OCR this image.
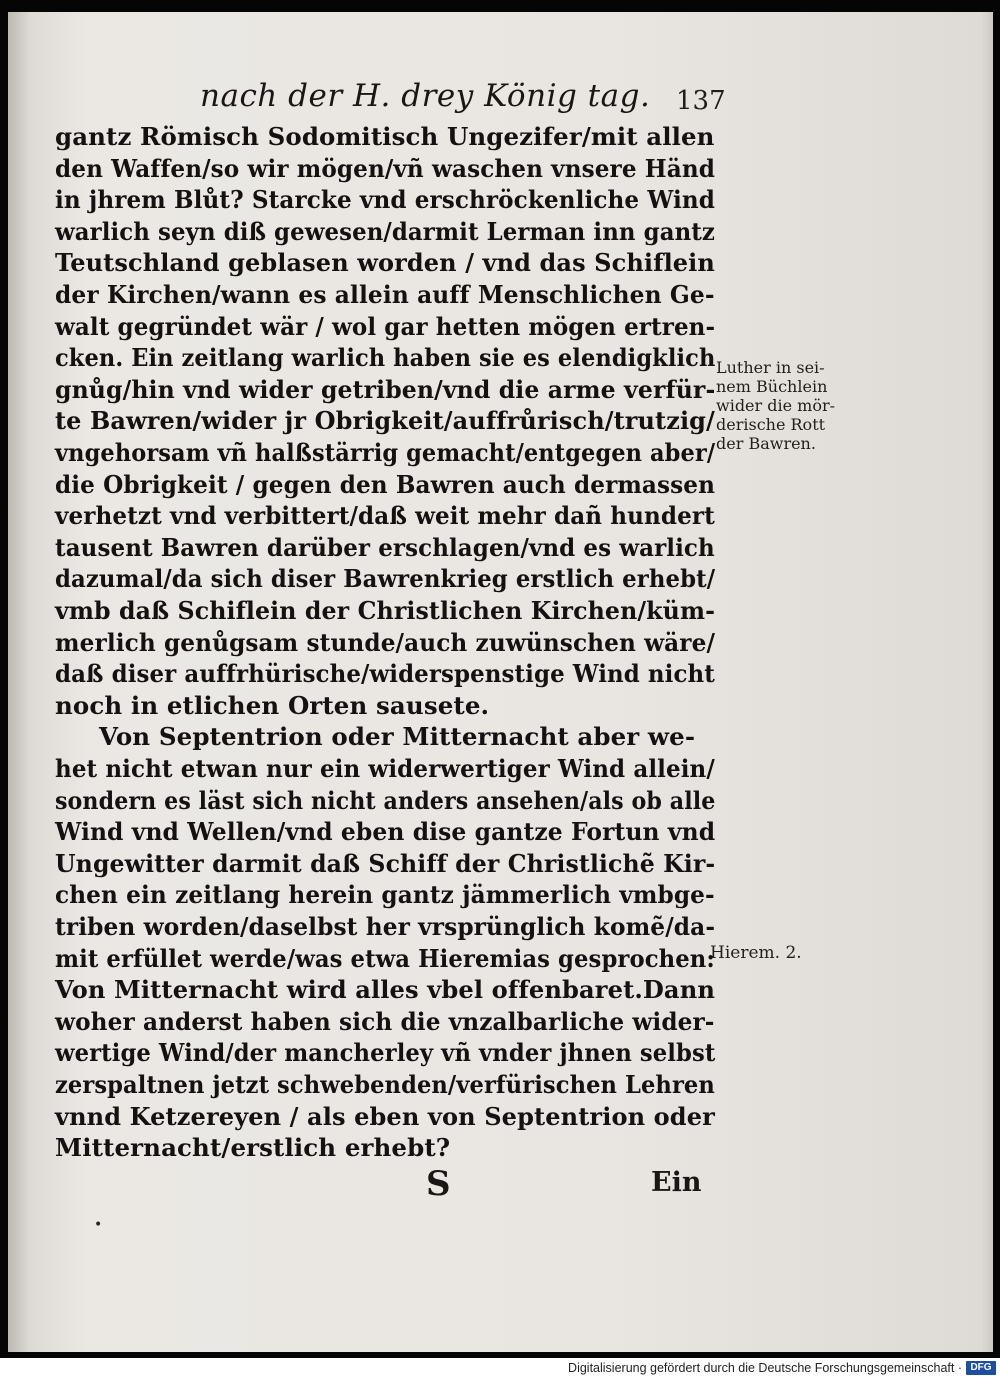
nach der H. drey König tag. 137
gantz Römisch Sodomitisch Ungezifer/mit allen
den Waffen/so wir mögen/vñ waschen vnsere Händ
in jhrem Blůt? Starcke vnd erschröckenliche Wind
warlich seyn diß gewesen/darmit Lerman inn gantz
Teutschland geblasen worden / vnd das Schiflein
der Kirchen/wann es allein auff Menschlichen Ge-
walt gegründet wär / wol gar hetten mögen ertren-
cken. Ein zeitlang warlich haben sie es elendigklich
gnůg/hin vnd wider getriben/vnd die arme verfür-
te Bawren/wider jr Obrigkeit/auffrůrisch/trutzig/
vngehorsam vñ halßstärrig gemacht/entgegen aber/
die Obrigkeit / gegen den Bawren auch dermassen
verhetzt vnd verbittert/daß weit mehr dañ hundert
tausent Bawren darüber erschlagen/vnd es warlich
dazumal/da sich diser Bawrenkrieg erstlich erhebt/
vmb daß Schiflein der Christlichen Kirchen/küm-
merlich genůgsam stunde/auch zuwünschen wäre/
daß diser auffrhürische/widerspenstige Wind nicht
noch in etlichen Orten sausete.
Von Septentrion oder Mitternacht aber we-
het nicht etwan nur ein widerwertiger Wind allein/
sondern es läst sich nicht anders ansehen/als ob alle
Wind vnd Wellen/vnd eben dise gantze Fortun vnd
Ungewitter darmit daß Schiff der Christlichẽ Kir-
chen ein zeitlang herein gantz jämmerlich vmbge-
triben worden/daselbst her vrsprünglich komẽ/da-
mit erfüllet werde/was etwa Hieremias gesprochen:
Von Mitternacht wird alles vbel offenbaret.Dann
woher anderst haben sich die vnzalbarliche wider-
wertige Wind/der mancherley vñ vnder jhnen selbst
zerspaltnen jetzt schwebenden/verfürischen Lehren
vnnd Ketzereyen / als eben von Septentrion oder
Mitternacht/erstlich erhebt?
Luther in sei-
nem Büchlein
wider die mör-
derische Rott
der Bawren.
Hierem. 2.
S	Ein
•
Digitalisierung gefördert durch die Deutsche Forschungsgemeinschaft · DFG
